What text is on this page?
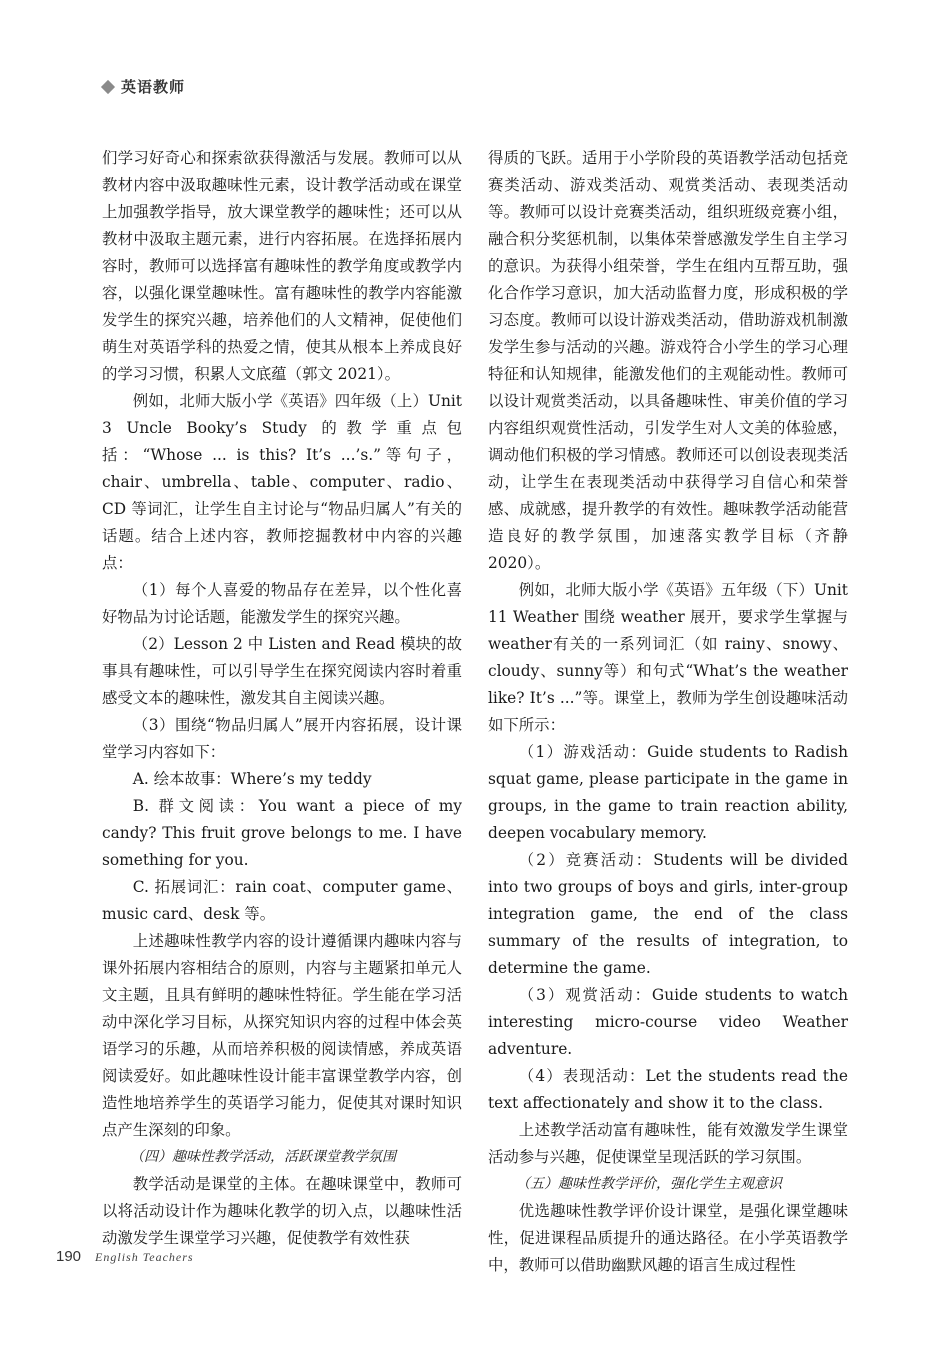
英语教师

们学习好奇心和探索欲获得激活与发展。教师可以从教材内容中汲取趣味性元素，设计教学活动或在课堂上加强教学指导，放大课堂教学的趣味性；还可以从教材中汲取主题元素，进行内容拓展。在选择拓展内容时，教师可以选择富有趣味性的教学角度或教学内容，以强化课堂趣味性。富有趣味性的教学内容能激发学生的探究兴趣，培养他们的人文精神，促使他们萌生对英语学科的热爱之情，使其从根本上养成良好的学习习惯，积累人文底蕴（郭文 2021）。

例如，北师大版小学《英语》四年级（上）Unit 3 Uncle Booky’s Study 的教学重点包括：“Whose ... is this? It’s ...’s.”等句子，chair、umbrella、table、computer、radio、CD 等词汇，让学生自主讨论与“物品归属人”有关的话题。结合上述内容，教师挖掘教材中内容的兴趣点：

（1）每个人喜爱的物品存在差异，以个性化喜好物品为讨论话题，能激发学生的探究兴趣。

（2）Lesson 2 中 Listen and Read 模块的故事具有趣味性，可以引导学生在探究阅读内容时着重感受文本的趣味性，激发其自主阅读兴趣。

（3）围绕“物品归属人”展开内容拓展，设计课堂学习内容如下：

A. 绘本故事：Where’s my teddy

B. 群文阅读：You want a piece of my candy? This fruit grove belongs to me. I have something for you.

C. 拓展词汇：rain coat、computer game、music card、desk 等。

上述趣味性教学内容的设计遵循课内趣味内容与课外拓展内容相结合的原则，内容与主题紧扣单元人文主题，且具有鲜明的趣味性特征。学生能在学习活动中深化学习目标，从探究知识内容的过程中体会英语学习的乐趣，从而培养积极的阅读情感，养成英语阅读爱好。如此趣味性设计能丰富课堂教学内容，创造性地培养学生的英语学习能力，促使其对课时知识点产生深刻的印象。

（四）趣味性教学活动，活跃课堂教学氛围

教学活动是课堂的主体。在趣味课堂中，教师可以将活动设计作为趣味化教学的切入点，以趣味性活动激发学生课堂学习兴趣，促使教学有效性获

得质的飞跃。适用于小学阶段的英语教学活动包括竞赛类活动、游戏类活动、观赏类活动、表现类活动等。教师可以设计竞赛类活动，组织班级竞赛小组，融合积分奖惩机制，以集体荣誉感激发学生自主学习的意识。为获得小组荣誉，学生在组内互帮互助，强化合作学习意识，加大活动监督力度，形成积极的学习态度。教师可以设计游戏类活动，借助游戏机制激发学生参与活动的兴趣。游戏符合小学生的学习心理特征和认知规律，能激发他们的主观能动性。教师可以设计观赏类活动，以具备趣味性、审美价值的学习内容组织观赏性活动，引发学生对人文美的体验感，调动他们积极的学习情感。教师还可以创设表现类活动，让学生在表现类活动中获得学习自信心和荣誉感、成就感，提升教学的有效性。趣味教学活动能营造良好的教学氛围，加速落实教学目标（齐静 2020）。

例如，北师大版小学《英语》五年级（下）Unit 11 Weather 围绕 weather 展开，要求学生掌握与weather有关的一系列词汇（如 rainy、snowy、cloudy、sunny等）和句式“What’s the weather like? It’s ...”等。课堂上，教师为学生创设趣味活动如下所示：

（1）游戏活动：Guide students to Radish squat game, please participate in the game in groups, in the game to train reaction ability, deepen vocabulary memory.

（2）竞赛活动：Students will be divided into two groups of boys and girls, inter-group integration game, the end of the class summary of the results of integration, to determine the game.

（3）观赏活动：Guide students to watch interesting micro-course video Weather adventure.

（4）表现活动：Let the students read the text affectionately and show it to the class.

上述教学活动富有趣味性，能有效激发学生课堂活动参与兴趣，促使课堂呈现活跃的学习氛围。

（五）趣味性教学评价，强化学生主观意识

优选趣味性教学评价设计课堂，是强化课堂趣味性，促进课程品质提升的通达路径。在小学英语教学中，教师可以借助幽默风趣的语言生成过程性

190 English Teachers
